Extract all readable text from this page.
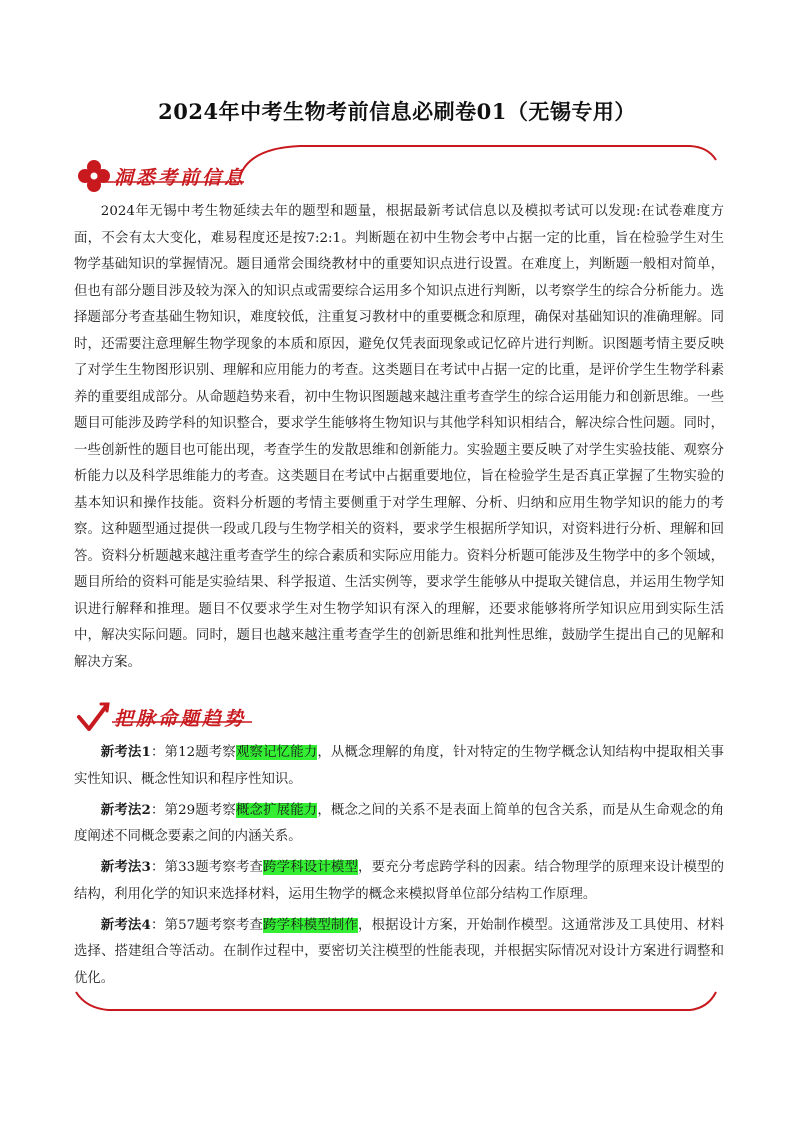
2024年中考生物考前信息必刷卷01（无锡专用）
洞悉考前信息

2024年无锡中考生物延续去年的题型和题量，根据最新考试信息以及模拟考试可以发现:在试卷难度方面，不会有太大变化，难易程度还是按7:2:1。判断题在初中生物会考中占据一定的比重，旨在检验学生对生物学基础知识的掌握情况。题目通常会围绕教材中的重要知识点进行设置。在难度上，判断题一般相对简单，但也有部分题目涉及较为深入的知识点或需要综合运用多个知识点进行判断，以考察学生的综合分析能力。选择题部分考查基础生物知识，难度较低，注重复习教材中的重要概念和原理，确保对基础知识的准确理解。同时，还需要注意理解生物学现象的本质和原因，避免仅凭表面现象或记忆碎片进行判断。识图题考情主要反映了对学生生物图形识别、理解和应用能力的考查。这类题目在考试中占据一定的比重，是评价学生生物学科素养的重要组成部分。从命题趋势来看，初中生物识图题越来越注重考查学生的综合运用能力和创新思维。一些题目可能涉及跨学科的知识整合，要求学生能够将生物知识与其他学科知识相结合，解决综合性问题。同时，一些创新性的题目也可能出现，考查学生的发散思维和创新能力。实验题主要反映了对学生实验技能、观察分析能力以及科学思维能力的考查。这类题目在考试中占据重要地位，旨在检验学生是否真正掌握了生物实验的基本知识和操作技能。资料分析题的考情主要侧重于对学生理解、分析、归纳和应用生物学知识的能力的考察。这种题型通过提供一段或几段与生物学相关的资料，要求学生根据所学知识，对资料进行分析、理解和回答。资料分析题越来越注重考查学生的综合素质和实际应用能力。资料分析题可能涉及生物学中的多个领域，题目所给的资料可能是实验结果、科学报道、生活实例等，要求学生能够从中提取关键信息，并运用生物学知识进行解释和推理。题目不仅要求学生对生物学知识有深入的理解，还要求能够将所学知识应用到实际生活中，解决实际问题。同时，题目也越来越注重考查学生的创新思维和批判性思维，鼓励学生提出自己的见解和解决方案。

把脉命题趋势

新考法1：第12题考察观察记忆能力，从概念理解的角度，针对特定的生物学概念认知结构中提取相关事实性知识、概念性知识和程序性知识。

新考法2：第29题考察概念扩展能力，概念之间的关系不是表面上简单的包含关系，而是从生命观念的角度阐述不同概念要素之间的内涵关系。

新考法3：第33题考察考查跨学科设计模型，要充分考虑跨学科的因素。结合物理学的原理来设计模型的结构，利用化学的知识来选择材料，运用生物学的概念来模拟肾单位部分结构工作原理。

新考法4：第57题考察考查跨学科模型制作，根据设计方案，开始制作模型。这通常涉及工具使用、材料选择、搭建组合等活动。在制作过程中，要密切关注模型的性能表现，并根据实际情况对设计方案进行调整和优化。
